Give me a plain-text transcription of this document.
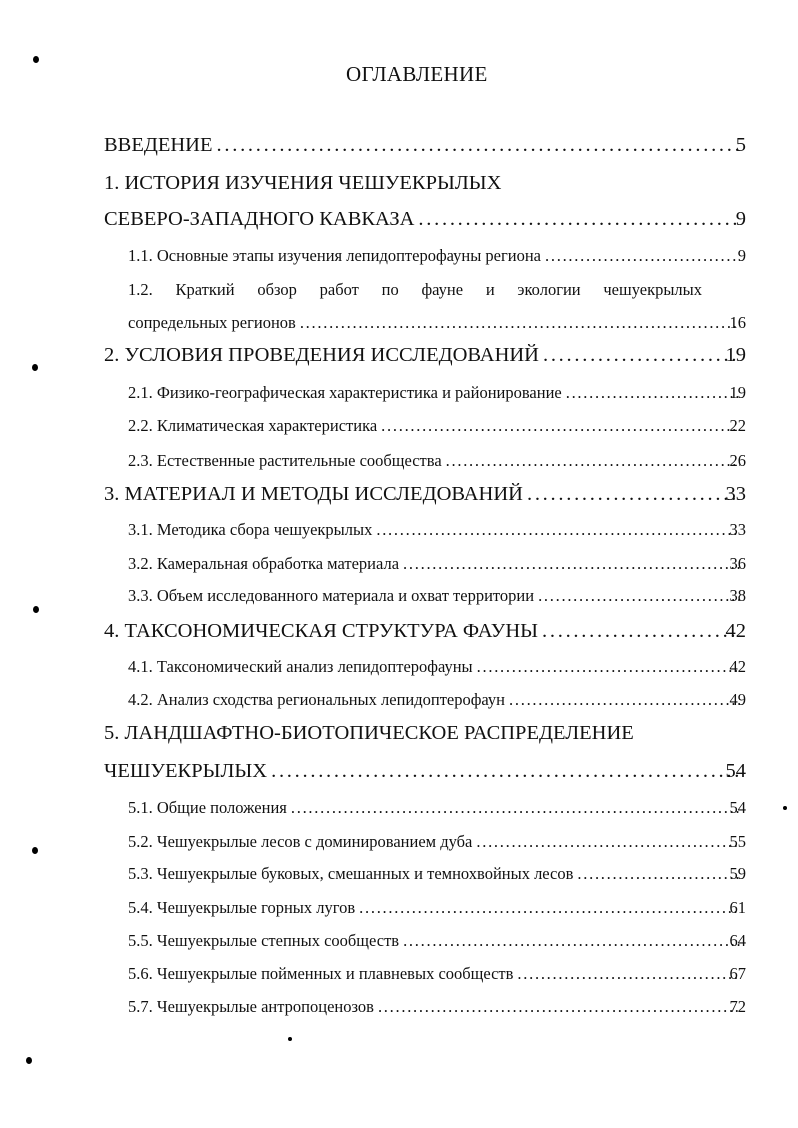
ОГЛАВЛЕНИЕ
ВВЕДЕНИЕ . . .	5
1. ИСТОРИЯ ИЗУЧЕНИЯ ЧЕШУЕКРЫЛЫХ
СЕВЕРО-ЗАПАДНОГО КАВКАЗА . . .	9
1.1. Основные этапы изучения лепидоптерофауны региона . . .	9
1.2. Краткий обзор работ по фауне и экологии чешуекрылых
сопредельных регионов . . .	16
2. УСЛОВИЯ ПРОВЕДЕНИЯ ИССЛЕДОВАНИЙ . . .	19
2.1. Физико-географическая характеристика и районирование . . .	19
2.2. Климатическая характеристика . . .	22
2.3. Естественные растительные сообщества . . .	26
3. МАТЕРИАЛ И МЕТОДЫ ИССЛЕДОВАНИЙ . . .	33
3.1. Методика сбора чешуекрылых . . .	33
3.2. Камеральная обработка материала . . .	36
3.3. Объем исследованного материала и охват территории . . .	38
4. ТАКСОНОМИЧЕСКАЯ СТРУКТУРА ФАУНЫ . . .	42
4.1. Таксономический анализ лепидоптерофауны . . .	42
4.2. Анализ сходства региональных лепидоптерофаун . . .	49
5. ЛАНДШАФТНО-БИОТОПИЧЕСКОЕ РАСПРЕДЕЛЕНИЕ
ЧЕШУЕКРЫЛЫХ . . .	54
5.1. Общие положения . . .	54
5.2. Чешуекрылые лесов с доминированием дуба . . .	55
5.3. Чешуекрылые буковых, смешанных и темнохвойных лесов . . .	59
5.4. Чешуекрылые горных лугов . . .	61
5.5. Чешуекрылые степных сообществ . . .	64
5.6. Чешуекрылые пойменных и плавневых сообществ . . .	67
5.7. Чешуекрылые антропоценозов . . .	72
